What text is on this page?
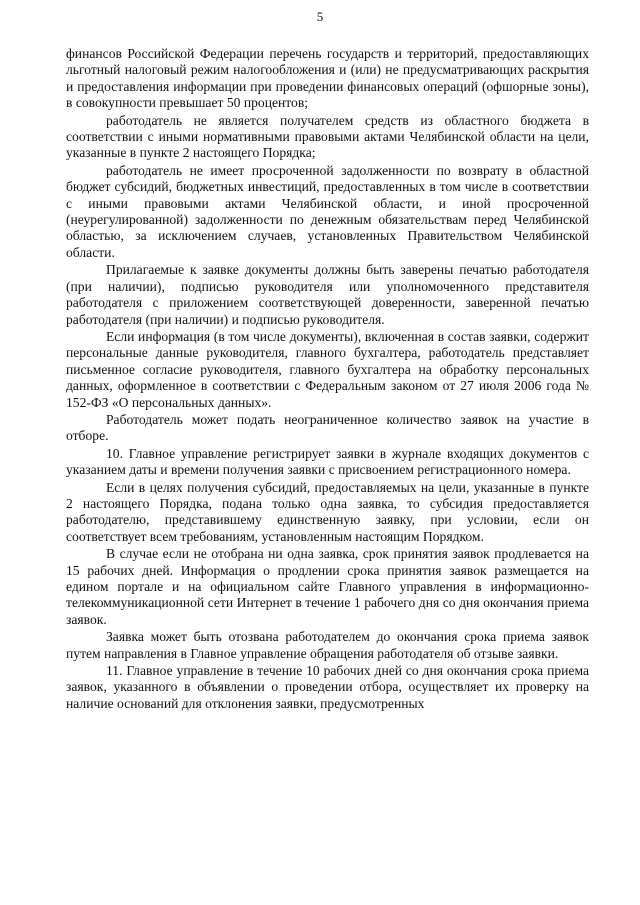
5

финансов Российской Федерации перечень государств и территорий, предоставляющих льготный налоговый режим налогообложения и (или) не предусматривающих раскрытия и предоставления информации при проведении финансовых операций (офшорные зоны), в совокупности превышает 50 процентов;

работодатель не является получателем средств из областного бюджета в соответствии с иными нормативными правовыми актами Челябинской области на цели, указанные в пункте 2 настоящего Порядка;

работодатель не имеет просроченной задолженности по возврату в областной бюджет субсидий, бюджетных инвестиций, предоставленных в том числе в соответствии с иными правовыми актами Челябинской области, и иной просроченной (неурегулированной) задолженности по денежным обязательствам перед Челябинской областью, за исключением случаев, установленных Правительством Челябинской области.

Прилагаемые к заявке документы должны быть заверены печатью работодателя (при наличии), подписью руководителя или уполномоченного представителя работодателя с приложением соответствующей доверенности, заверенной печатью работодателя (при наличии) и подписью руководителя.

Если информация (в том числе документы), включенная в состав заявки, содержит персональные данные руководителя, главного бухгалтера, работодатель представляет письменное согласие руководителя, главного бухгалтера на обработку персональных данных, оформленное в соответствии с Федеральным законом от 27 июля 2006 года № 152-ФЗ «О персональных данных».

Работодатель может подать неограниченное количество заявок на участие в отборе.

10. Главное управление регистрирует заявки в журнале входящих документов с указанием даты и времени получения заявки с присвоением регистрационного номера.

Если в целях получения субсидий, предоставляемых на цели, указанные в пункте 2 настоящего Порядка, подана только одна заявка, то субсидия предоставляется работодателю, представившему единственную заявку, при условии, если он соответствует всем требованиям, установленным настоящим Порядком.

В случае если не отобрана ни одна заявка, срок принятия заявок продлевается на 15 рабочих дней. Информация о продлении срока принятия заявок размещается на едином портале и на официальном сайте Главного управления в информационно-телекоммуникационной сети Интернет в течение 1 рабочего дня со дня окончания приема заявок.

Заявка может быть отозвана работодателем до окончания срока приема заявок путем направления в Главное управление обращения работодателя об отзыве заявки.

11. Главное управление в течение 10 рабочих дней со дня окончания срока приема заявок, указанного в объявлении о проведении отбора, осуществляет их проверку на наличие оснований для отклонения заявки, предусмотренных
